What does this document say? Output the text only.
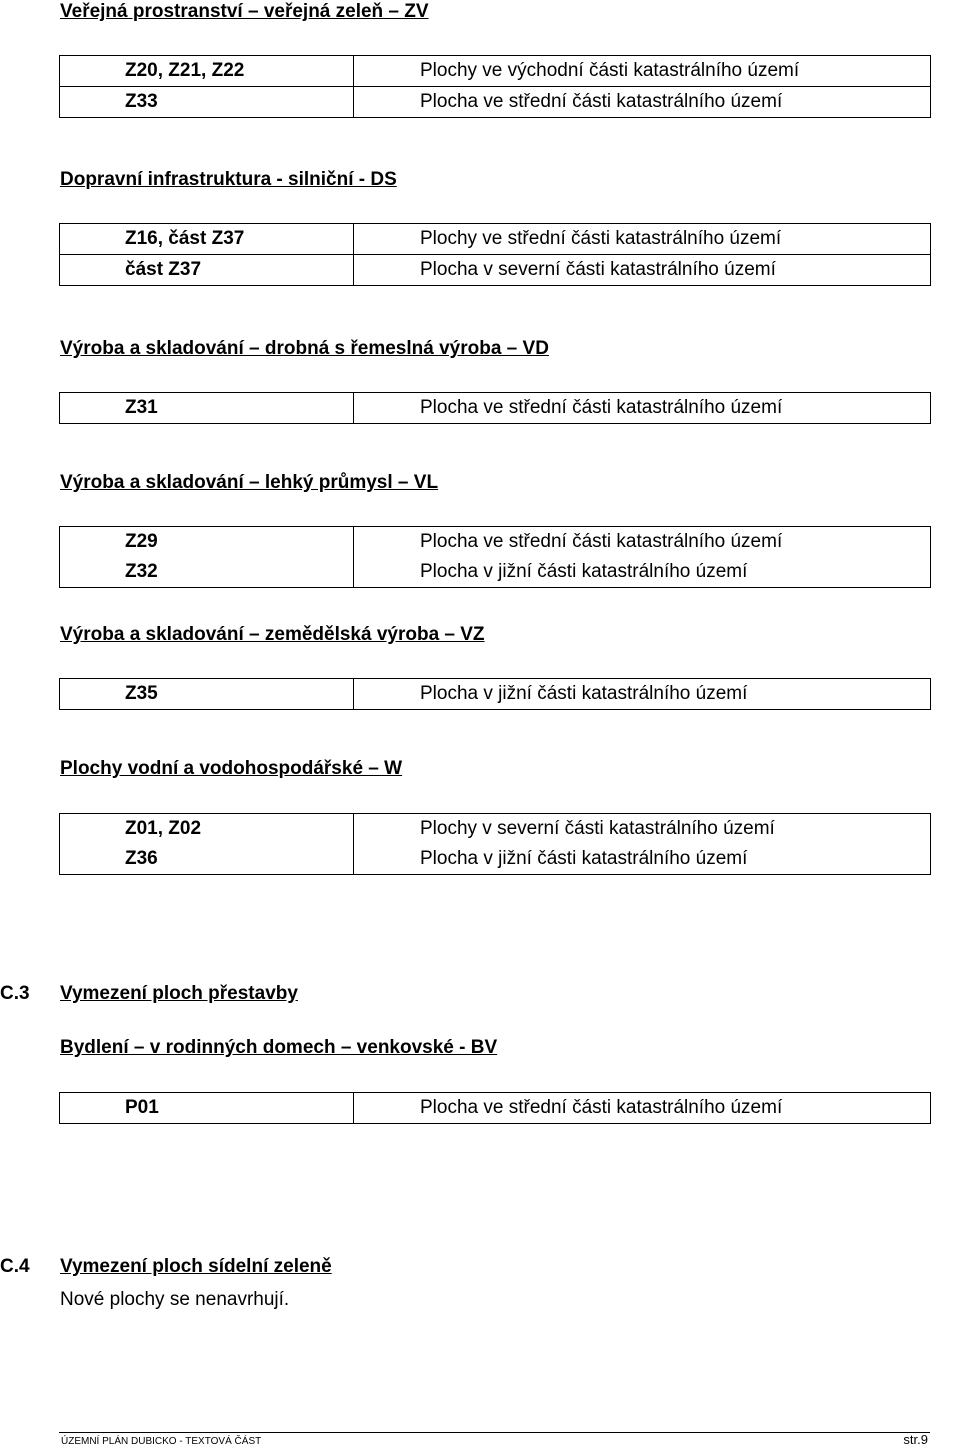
Veřejná prostranství – veřejná zeleň – ZV

Z20, Z21, Z22	Plochy ve východní části katastrálního území
Z33	Plocha ve střední části katastrálního území

Dopravní infrastruktura - silniční - DS

Z16, část Z37	Plochy ve střední části katastrálního území
část Z37	Plocha v severní části katastrálního území

Výroba a skladování – drobná s řemeslná výroba – VD

Z31	Plocha ve střední části katastrálního území

Výroba a skladování – lehký průmysl – VL

Z29	Plocha ve střední části katastrálního území
Z32	Plocha v jižní části katastrálního území

Výroba a skladování – zemědělská výroba – VZ

Z35	Plocha v jižní části katastrálního území

Plochy vodní a vodohospodářské – W

Z01, Z02	Plochy v severní části katastrálního území
Z36	Plocha v jižní části katastrálního území

C.3 Vymezení ploch přestavby

Bydlení – v rodinných domech – venkovské - BV

P01	Plocha ve střední části katastrálního území

C.4 Vymezení ploch sídelní zeleně

Nové plochy se nenavrhují.

ÚZEMNÍ PLÁN DUBICKO - TEXTOVÁ ČÁST	str.9
